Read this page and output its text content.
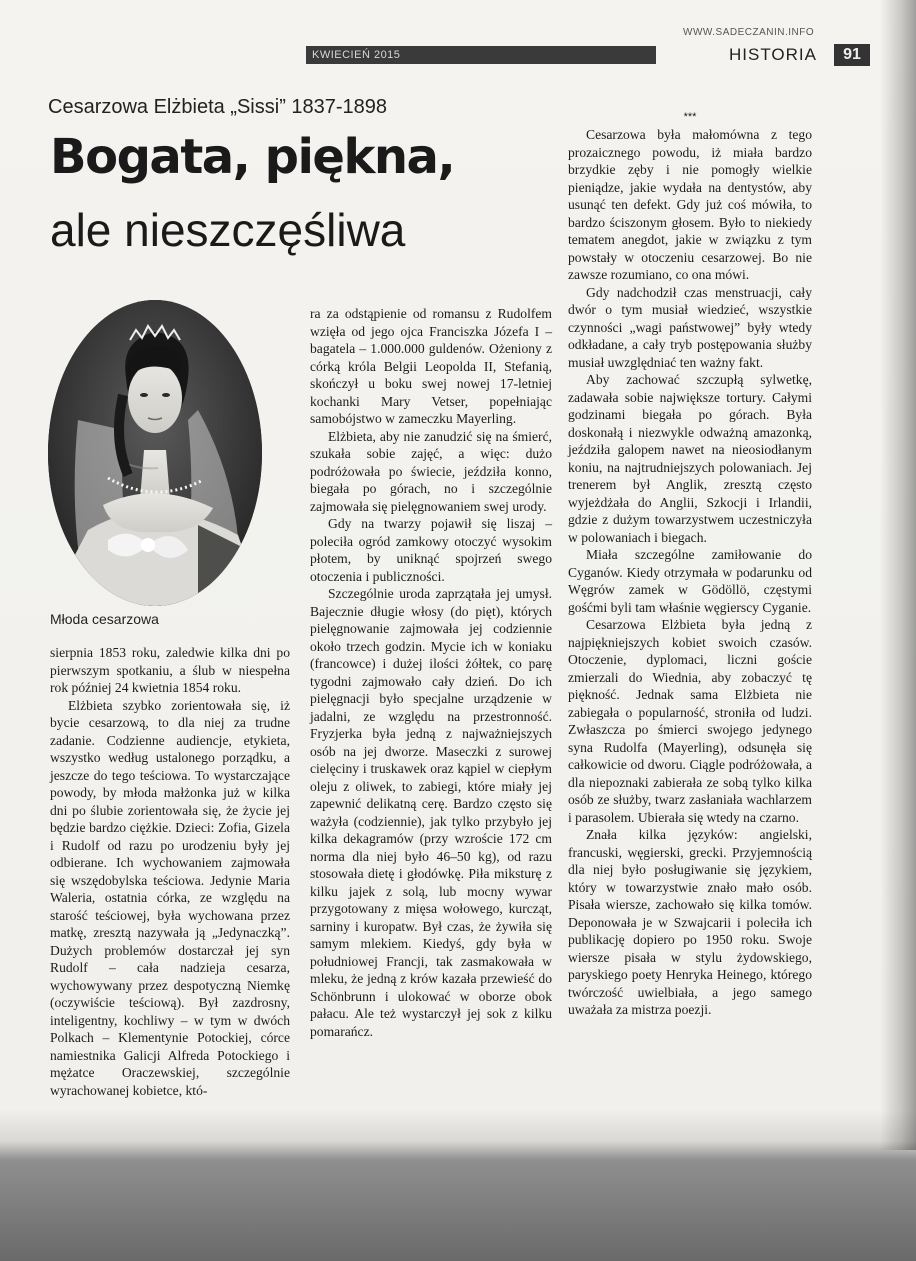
WWW.SADECZANIN.INFO
KWIECIEŃ 2015	HISTORIA	91
Cesarzowa Elżbieta „Sissi” 1837-1898
Bogata, piękna,
ale nieszczęśliwa
Młoda cesarzowa

sierpnia 1853 roku, zaledwie kilka dni po pierwszym spotkaniu, a ślub w niespełna rok później 24 kwietnia 1854 roku.

Elżbieta szybko zorientowała się, iż bycie cesarzową, to dla niej za trudne zadanie. Codzienne audiencje, etykieta, wszystko według ustalonego porządku, a jeszcze do tego teściowa. To wystarczające powody, by młoda małżonka już w kilka dni po ślubie zorientowała się, że życie jej będzie bardzo ciężkie. Dzieci: Zofia, Gizela i Rudolf od razu po urodzeniu były jej odbierane. Ich wychowaniem zajmowała się wszędobylska teściowa. Jedynie Maria Waleria, ostatnia córka, ze względu na starość teściowej, była wychowana przez matkę, zresztą nazywała ją „Jedynaczką”. Dużych problemów dostarczał jej syn Rudolf – cała nadzieja cesarza, wychowywany przez despotyczną Niemkę (oczywiście teściową). Był zazdrosny, inteligentny, kochliwy – w tym w dwóch Polkach – Klementynie Potockiej, córce namiestnika Galicji Alfreda Potockiego i mężatce Oraczewskiej, szczególnie wyrachowanej kobietce, któ-

ra za odstąpienie od romansu z Rudolfem wzięła od jego ojca Franciszka Józefa I – bagatela – 1.000.000 guldenów. Ożeniony z córką króla Belgii Leopolda II, Stefanią, skończył u boku swej nowej 17-letniej kochanki Mary Vetser, popełniając samobójstwo w zameczku Mayerling.

Elżbieta, aby nie zanudzić się na śmierć, szukała sobie zajęć, a więc: dużo podróżowała po świecie, jeździła konno, biegała po górach, no i szczególnie zajmowała się pielęgnowaniem swej urody.

Gdy na twarzy pojawił się liszaj – poleciła ogród zamkowy otoczyć wysokim płotem, by uniknąć spojrzeń swego otoczenia i publiczności.

Szczególnie uroda zaprzątała jej umysł. Bajecznie długie włosy (do pięt), których pielęgnowanie zajmowała jej codziennie około trzech godzin. Mycie ich w koniaku (francowce) i dużej ilości żółtek, co parę tygodni zajmowało cały dzień. Do ich pielęgnacji było specjalne urządzenie w jadalni, ze względu na przestronność. Fryzjerka była jedną z najważniejszych osób na jej dworze. Maseczki z surowej cielęciny i truskawek oraz kąpiel w ciepłym oleju z oliwek, to zabiegi, które miały jej zapewnić delikatną cerę. Bardzo często się ważyła (codziennie), jak tylko przybyło jej kilka dekagramów (przy wzroście 172 cm norma dla niej było 46–50 kg), od razu stosowała dietę i głodówkę. Piła miksturę z kilku jajek z solą, lub mocny wywar przygotowany z mięsa wołowego, kurcząt, sarniny i kuropatw. Był czas, że żywiła się samym mlekiem. Kiedyś, gdy była w południowej Francji, tak zasmakowała w mleku, że jedną z krów kazała przewieść do Schönbrunn i ulokować w oborze obok pałacu. Ale też wystarczył jej sok z kilku pomarańcz.

***

Cesarzowa była małomówna z tego prozaicznego powodu, iż miała bardzo brzydkie zęby i nie pomogły wielkie pieniądze, jakie wydała na dentystów, aby usunąć ten defekt. Gdy już coś mówiła, to bardzo ściszonym głosem. Było to niekiedy tematem anegdot, jakie w związku z tym powstały w otoczeniu cesarzowej. Bo nie zawsze rozumiano, co ona mówi.

Gdy nadchodził czas menstruacji, cały dwór o tym musiał wiedzieć, wszystkie czynności „wagi państwowej” były wtedy odkładane, a cały tryb postępowania służby musiał uwzględniać ten ważny fakt.

Aby zachować szczupłą sylwetkę, zadawała sobie największe tortury. Całymi godzinami biegała po górach. Była doskonałą i niezwykle odważną amazonką, jeździła galopem nawet na nieosiodłanym koniu, na najtrudniejszych polowaniach. Jej trenerem był Anglik, zresztą często wyjeżdżała do Anglii, Szkocji i Irlandii, gdzie z dużym towarzystwem uczestniczyła w polowaniach i biegach.

Miała szczególne zamiłowanie do Cyganów. Kiedy otrzymała w podarunku od Węgrów zamek w Gödöllö, częstymi gośćmi byli tam właśnie węgierscy Cyganie.

Cesarzowa Elżbieta była jedną z najpiękniejszych kobiet swoich czasów. Otoczenie, dyplomaci, liczni goście zmierzali do Wiednia, aby zobaczyć tę piękność. Jednak sama Elżbieta nie zabiegała o popularność, stroniła od ludzi. Zwłaszcza po śmierci swojego jedynego syna Rudolfa (Mayerling), odsunęła się całkowicie od dworu. Ciągle podróżowała, a dla niepoznaki zabierała ze sobą tylko kilka osób ze służby, twarz zasłaniała wachlarzem i parasolem. Ubierała się wtedy na czarno.

Znała kilka języków: angielski, francuski, węgierski, grecki. Przyjemnością dla niej było posługiwanie się językiem, który w towarzystwie znało mało osób. Pisała wiersze, zachowało się kilka tomów. Deponowała je w Szwajcarii i poleciła ich publikację dopiero po 1950 roku. Swoje wiersze pisała w stylu żydowskiego, paryskiego poety Henryka Heinego, którego twórczość uwielbiała, a jego samego uważała za mistrza poezji.
